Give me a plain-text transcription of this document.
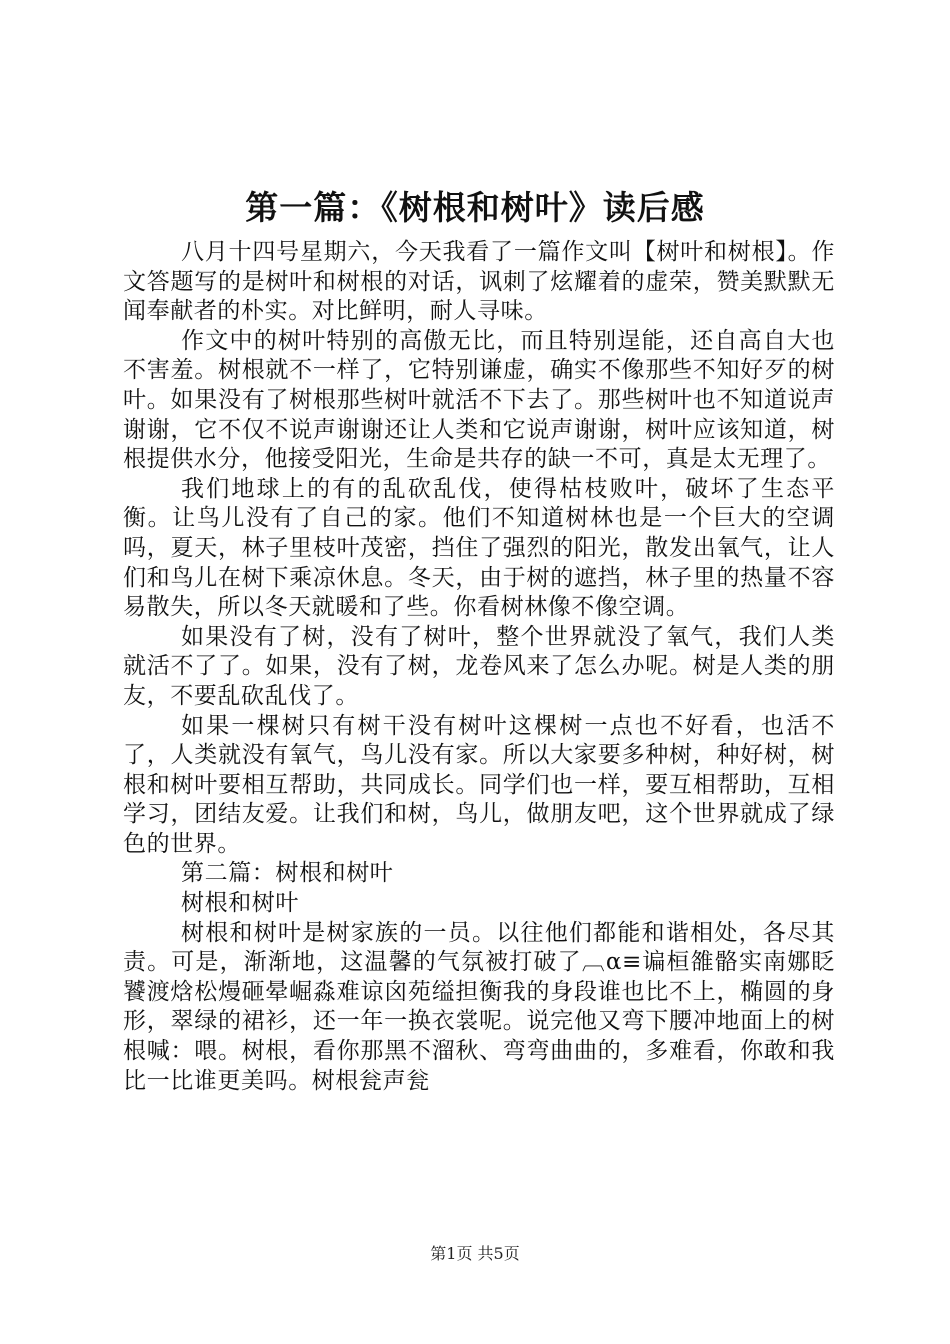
第一篇：《树根和树叶》读后感

八月十四号星期六，今天我看了一篇作文叫【树叶和树根】。作文答题写的是树叶和树根的对话，讽刺了炫耀着的虚荣，赞美默默无闻奉献者的朴实。对比鲜明，耐人寻味。

作文中的树叶特别的高傲无比，而且特别逞能，还自高自大也不害羞。树根就不一样了，它特别谦虚，确实不像那些不知好歹的树叶。如果没有了树根那些树叶就活不下去了。那些树叶也不知道说声谢谢，它不仅不说声谢谢还让人类和它说声谢谢，树叶应该知道，树根提供水分，他接受阳光，生命是共存的缺一不可，真是太无理了。

我们地球上的有的乱砍乱伐，使得枯枝败叶，破坏了生态平衡。让鸟儿没有了自己的家。他们不知道树林也是一个巨大的空调吗，夏天，林子里枝叶茂密，挡住了强烈的阳光，散发出氧气，让人们和鸟儿在树下乘凉休息。冬天，由于树的遮挡，林子里的热量不容易散失，所以冬天就暖和了些。你看树林像不像空调。

如果没有了树，没有了树叶，整个世界就没了氧气，我们人类就活不了了。如果，没有了树，龙卷风来了怎么办呢。树是人类的朋友，不要乱砍乱伐了。

如果一棵树只有树干没有树叶这棵树一点也不好看，也活不了，人类就没有氧气，鸟儿没有家。所以大家要多种树，种好树，树根和树叶要相互帮助，共同成长。同学们也一样，要互相帮助，互相学习，团结友爱。让我们和树，鸟儿，做朋友吧，这个世界就成了绿色的世界。

第二篇：树根和树叶

树根和树叶

树根和树叶是树家族的一员。以往他们都能和谐相处，各尽其责。可是，渐渐地，这温馨的气氛被打破了︹α≡谝桓雒骼实南娜眨饕渡焓松熳砸晕崛淼难谅囟苑缢担衡我的身段谁也比不上，椭圆的身形，翠绿的裙衫，还一年一换衣裳呢。说完他又弯下腰冲地面上的树根喊：喂。树根，看你那黑不溜秋、弯弯曲曲的，多难看，你敢和我比一比谁更美吗。树根瓮声瓮

第1页 共5页
